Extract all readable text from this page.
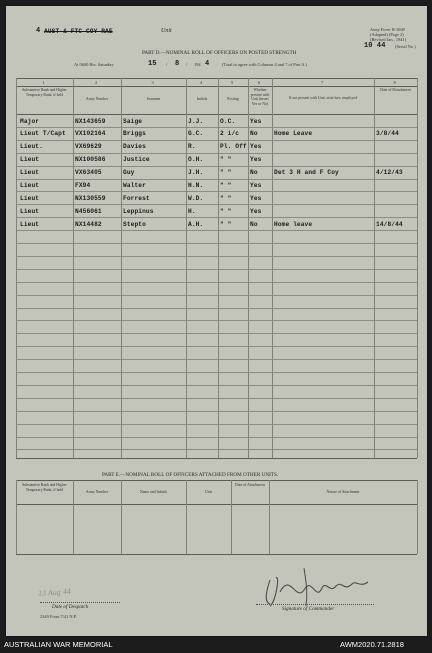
AUST & FTC COY RAE	Unit
4	Army Form W.3008
(Adapted) (Page 2)
(Revised Jan., 1941)
10 44 (Serial No.)
PART D.—NOMINAL ROLL OF OFFICERS ON POSTED STRENGTH
At 0600 Hrs. Saturday	15 / 8 / 194 4	(Total to agree with Columns 4 and 7 of Part A.)
PART E.—NOMINAL ROLL OF OFFICERS ATTACHED FROM OTHER UNITS.
13 Aug 44
Date of Despatch
2349 Form 7/41 N.P.
Signature of Commander
1	2	3	4	5	6	7	8
Substantive Rank and Higher Temporary Rank, if held
Army Number	Surname	Initials	Posting
Whether present with Unit (insert Yes or No)
If not present with Unit, state how employed
Date of Detachment
Major	NX143659	Saige	J.J.	O.C. Yes
Lieut T/Capt VX102164	Briggs	G.C.	2 i/c No	Home Leave	3/8/44
Lieut.	VX69629	Davies	R.	Pl. Off Yes
Lieut	NX100586	Justice	O.H.	" "	Yes
Lieut	VX63405	Guy	J.H.	" "	No	Det 3 H and F Coy	4/12/43
Lieut	FX94	Walter	H.N.	" "	Yes
Lieut	NX130559	Forrest	W.D.	" "	Yes
Lieut	N456061	Leppinus	H.	" "	Yes
Lieut	NX14482	Stepto	A.H.	" "	No	Home leave	14/8/44
Substantive Rank and Higher Temporary Rank, if held
Army Number	Name and Initials	Unit
Date of Attachment
Nature of Attachment
AUSTRALIAN WAR MEMORIAL	AWM2020.71.2818
